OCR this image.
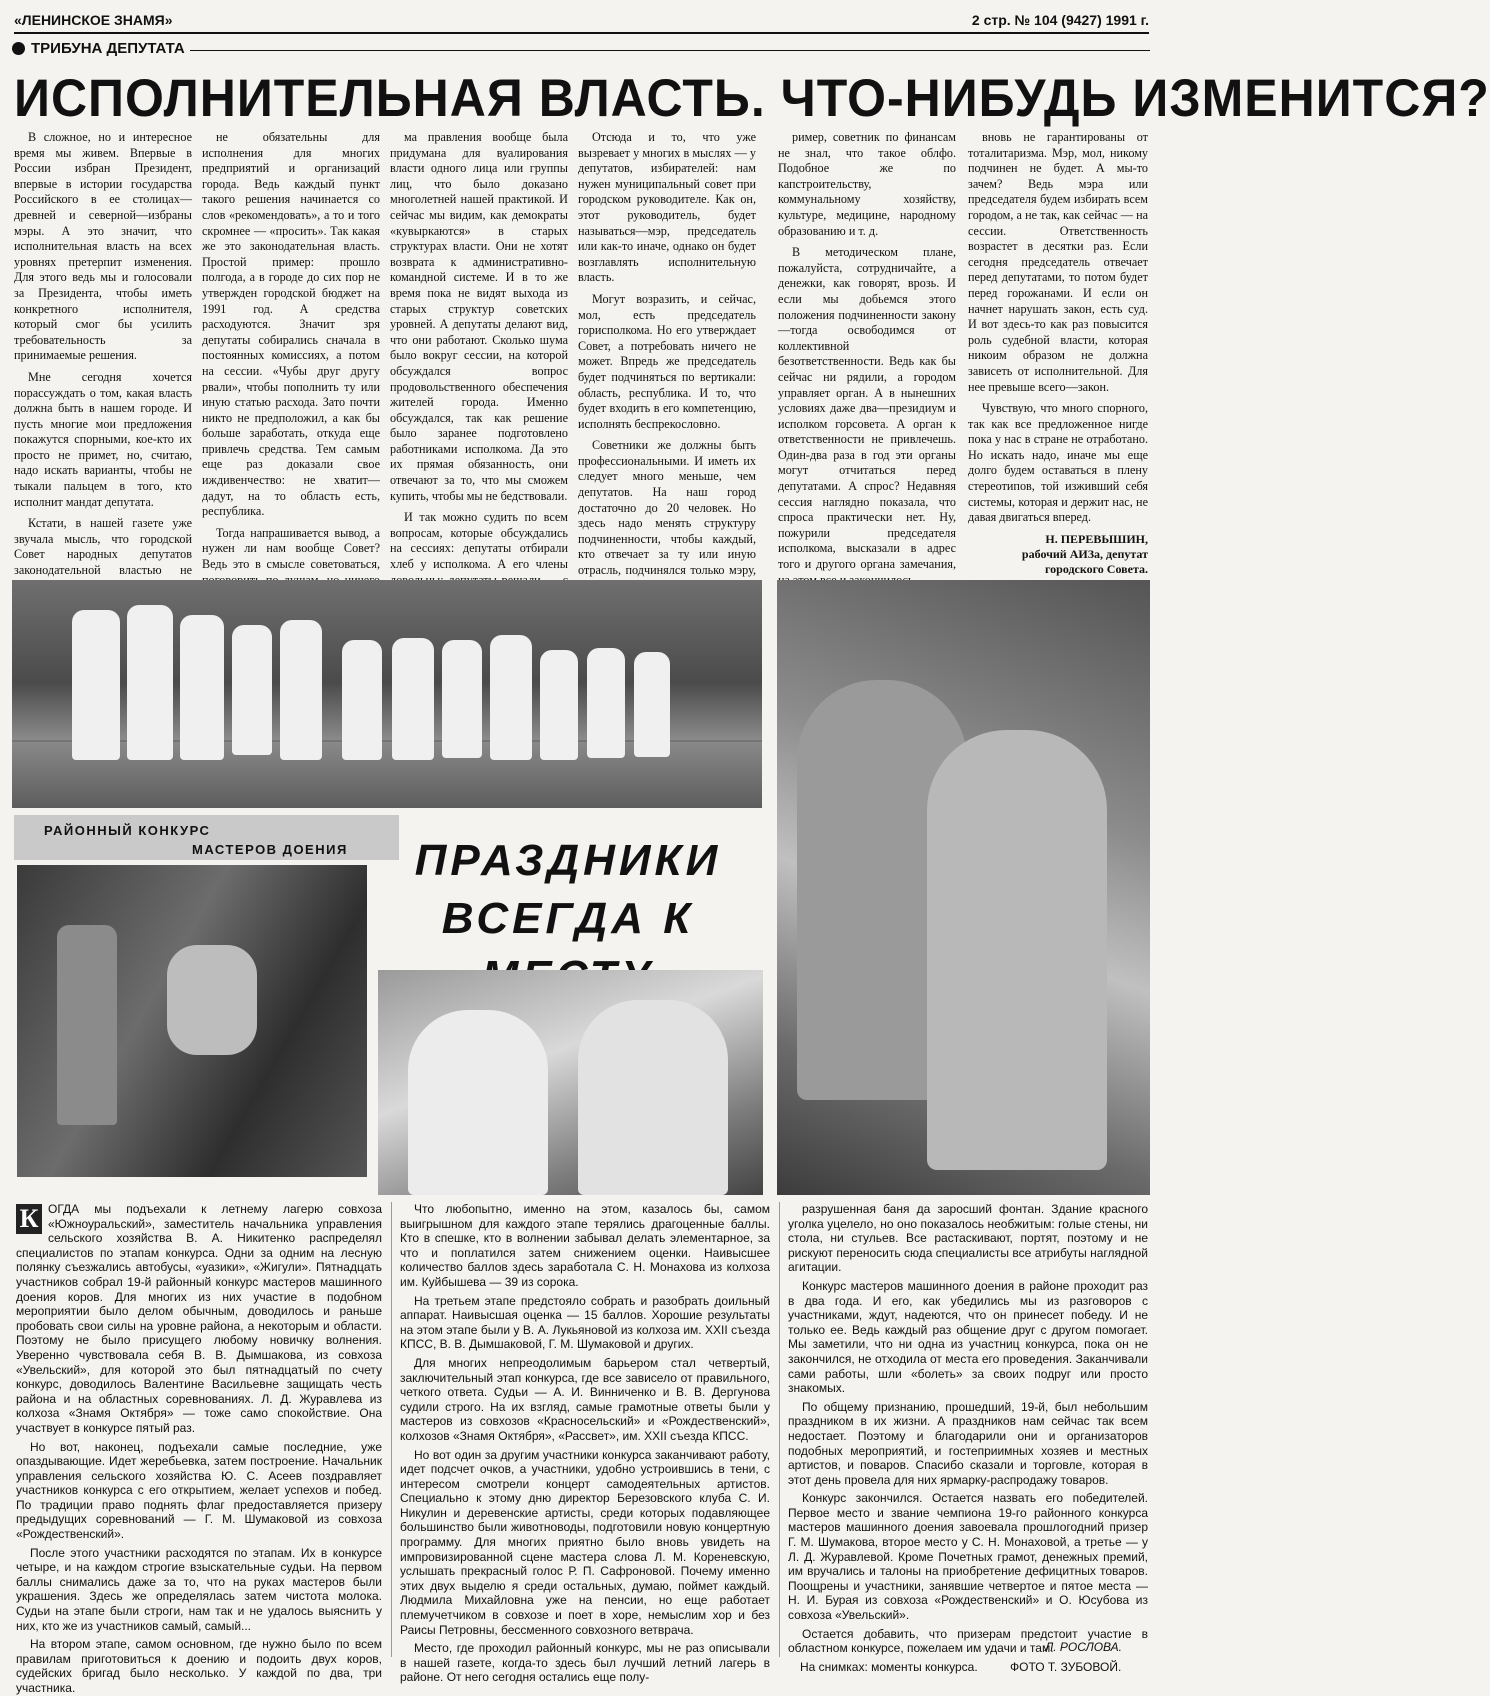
«ЛЕНИНСКОЕ ЗНАМЯ»	2 стр. № 104 (9427) 1991 г.
ТРИБУНА ДЕПУТАТА
ИСПОЛНИТЕЛЬНАЯ ВЛАСТЬ. ЧТО-НИБУДЬ ИЗМЕНИТСЯ?

В сложное, но и интересное время мы живем. Впервые в России избран Президент, впервые в истории государства Российского в ее столицах—древней и северной—избраны мэры. А это значит, что исполнительная власть на всех уровнях претерпит изменения. Для этого ведь мы и голосовали за Президента, чтобы иметь конкретного исполнителя, который смог бы усилить требовательность за принимаемые решения.

Мне сегодня хочется порассуждать о том, какая власть должна быть в нашем городе. И пусть многие мои предложения покажутся спорными, кое-кто их просто не примет, но, считаю, надо искать варианты, чтобы не тыкали пальцем в того, кто исполнит мандат депутата.

Кстати, в нашей газете уже звучала мысль, что городской Совет народных депутатов законодательной властью не

не обязательны для исполнения для многих предприятий и организаций города. Ведь каждый пункт такого решения начинается со слов «рекомендовать», а то и того скромнее — «просить». Так какая же это законодательная власть. Простой пример: прошло полгода, а в городе до сих пор не утвержден городской бюджет на 1991 год. А средства расходуются. Значит зря депутаты собирались сначала в постоянных комиссиях, а потом на сессии. «Чубы друг другу рвали», чтобы пополнить ту или иную статью расхода. Зато почти никто не предположил, а как бы больше заработать, откуда еще привлечь средства. Тем самым еще раз доказали свое иждивенчество: не хватит—дадут, на то область есть, республика.

Тогда напрашивается вывод, а нужен ли нам вообще Совет? Ведь это в смысле советоваться,

ма правления вообще была придумана для вуалирования власти одного лица или группы лиц, что было доказано многолетней нашей практикой. И сейчас мы видим, как демократы «кувыркаются» в старых структурах власти. Они не хотят возврата к административно-командной системе. И в то же время пока не видят выхода из старых структур советских уровней. А депутаты делают вид, что они работают. Сколько шума было вокруг сессии, на которой обсуждался вопрос продовольственного обеспечения жителей города. Именно обсуждался, так как решение было заранее подготовлено работниками исполкома. Да это их прямая обязанность, они отвечают за то, что мы сможем купить, чтобы мы не бедствовали.

И так можно судить по всем вопросам, которые обсуждались на сессиях: депутаты отбирали хлеб у исполкома. А его члены

Отсюда и то, что уже вызревает у многих в мыслях — у депутатов, избирателей: нам нужен муниципальный совет при городском руководителе. Как он, этот руководитель, будет называться—мэр, председатель или как-то иначе, однако он будет возглавлять исполнительную власть.

Могут возразить, и сейчас, мол, есть председатель горисполкома. Но его утверждает Совет, а потребовать ничего не может. Впредь же председатель будет подчиняться по вертикали: область, республика. И то, что будет входить в его компетенцию, исполнять беспрекословно.

Советники же должны быть профессиональными. И иметь их следует много меньше, чем депутатов. На наш город достаточно до 20 человек. Но здесь надо менять структуру подчиненности, чтобы каждый, кто отвечает за ту или иную отрасль, подчинялся только мэру,

ример, советник по финансам не знал, что такое облфо. Подобное же по капстроительству, коммунальному хозяйству, культуре, медицине, народному образованию и т. д.

В методическом плане, пожалуйста, сотрудничайте, а денежки, как говорят, врозь. И если мы добьемся этого положения подчиненности закону—тогда освободимся от коллективной безответственности. Ведь как бы сейчас ни рядили, а городом управляет орган. А в нынешних условиях даже два—президиум и исполком горсовета. А орган к ответственности не привлечешь. Один-два раза в год эти органы могут отчитаться перед депутатами. А спрос? Недавняя сессия наглядно показала, что спроса практически нет. Ну, пожурили председателя исполкома, высказали в адрес того и другого органа замечания,

вновь не гарантированы от тоталитаризма. Мэр, мол, никому подчинен не будет. А мы-то зачем? Ведь мэра или председателя будем избирать всем городом, а не так, как сейчас — на сессии. Ответственность возрастет в десятки раз. Если сегодня председатель отвечает перед депутатами, то потом будет перед горожанами. И если он начнет нарушать закон, есть суд. И вот здесь-то как раз повысится роль судебной власти, которая никоим образом не должна зависеть от исполнительной. Для нее превыше всего—закон.

Чувствую, что много спорного, так как все предложенное нигде пока у нас в стране не отработано. Но искать надо, иначе мы еще долго будем оставаться в плену стереотипов, той изживший себя системы, которая и держит нас, не давая двигаться вперед.

Н. ПЕРЕВЫШИН,
рабочий АИЗа, депутат городского Совета.
РАЙОННЫЙ КОНКУРС
МАСТЕРОВ ДОЕНИЯ	ПРАЗДНИКИ
ВСЕГДА К

К ОГДА мы подъехали к летнему лагерю совхоза «Южноуральский», заместитель начальника управления сельского хозяйства В. А. Никитенко распределял специалистов по этапам конкурса. Одни за одним на лесную полянку съезжались автобусы, «уазики», «Жигули». Пятнадцать участников собрал 19-й районный конкурс мастеров машинного доения коров. Для многих из них участие в подобном мероприятии было делом обычным, доводилось и раньше пробовать свои силы на уровне района, а некоторым и области. Поэтому не было присущего любому новичку волнения. Уверенно чувствовала себя В. В. Дымшакова, из совхоза «Увельский», для которой это был пятнадцатый по счету конкурс, доводилось Валентине Васильевне защищать честь района и на областных соревнованиях. Л. Д. Журавлева из колхоза «Знамя Октября» — тоже само спокойствие. Она участвует в конкурсе пятый раз.

Но вот, наконец, подъехали самые последние, уже опаздывающие. Идет жеребьевка, затем построение. Начальник управления сельского хозяйства Ю. С. Асеев поздравляет участников конкурса с его открытием, желает успехов и побед. По традиции право поднять флаг предоставляется призеру предыдущих соревнований — Г. М. Шумаковой из совхоза «Рождественский».

После этого участники расходятся по этапам. Их в конкурсе четыре, и на каждом строгие взыскательные судьи. На первом баллы снимались даже за то, что на руках мастеров были украшения. Здесь же определялась затем чистота молока. Судьи на этапе были строги, нам так и не удалось выяснить у них, кто же из участников самый, самый...

На втором этапе, самом основном, где нужно было по всем правилам приготовиться к доению и подоить двух коров, судейских бригад было несколько. У каждой по два, три участника.

Что любопытно, именно на этом, казалось бы, самом выигрышном для каждого этапе терялись драгоценные баллы. Кто в спешке, кто в волнении забывал делать элементарное, за что и поплатился затем снижением оценки. Наивысшее количество баллов здесь заработала С. Н. Монахова из колхоза им. Куйбышева — 39 из сорока.

На третьем этапе предстояло собрать и разобрать доильный аппарат. Наивысшая оценка — 15 баллов. Хорошие результаты на этом этапе были у В. А. Лукьяновой из колхоза им. XXII съезда КПСС, В. В. Дымшаковой, Г. М. Шумаковой и других.

Для многих непреодолимым барьером стал четвертый, заключительный этап конкурса, где все зависело от правильного, четкого ответа. Судьи — А. И. Винниченко и В. В. Дергунова судили строго. На их взгляд, самые грамотные ответы были у мастеров из совхозов «Красносельский» и «Рождественский», колхозов «Знамя Октября», «Рассвет», им. XXII съезда КПСС.

Но вот один за другим участники конкурса заканчивают работу, идет подсчет очков, а участники, удобно устроившись в тени, с интересом смотрели концерт самодеятельных артистов. Специально к этому дню директор Березовского клуба С. И. Никулин и деревенские артисты, среди которых подавляющее большинство были животноводы, подготовили новую концертную программу. Для многих приятно было вновь увидеть на импровизированной сцене мастера слова Л. М. Кореневскую, услышать прекрасный голос Р. П. Сафроновой. Почему именно этих двух выделю я среди остальных, думаю, поймет каждый. Людмила Михайловна уже на пенсии, но еще работает племучетчиком в совхозе и поет в хоре, немыслим хор и без Раисы Петровны, бессменного совхозного ветврача.

Место, где проходил районный конкурс, мы не раз описывали в нашей газете, когда-то здесь был лучший летний лагерь в районе. От него сегодня остались еще полу-

разрушенная баня да заросший фонтан. Здание красного уголка уцелело, но оно показалось необжитым: голые стены, ни стола, ни стульев. Все растаскивают, портят, поэтому и не рискуют переносить сюда специалисты все атрибуты наглядной агитации.

Конкурс мастеров машинного доения в районе проходит раз в два года. И его, как убедились мы из разговоров с участниками, ждут, надеются, что он принесет победу. И не только ее. Ведь каждый раз общение друг с другом помогает. Мы заметили, что ни одна из участниц конкурса, пока он не закончился, не отходила от места его проведения. Заканчивали сами работы, шли «болеть» за своих подруг или просто знакомых.

По общему признанию, прошедший, 19-й, был небольшим праздником в их жизни. А праздников нам сейчас так всем недостает. Поэтому и благодарили они и организаторов подобных мероприятий, и гостеприимных хозяев и местных артистов, и поваров. Спасибо сказали и торговле, которая в этот день провела для них ярмарку-распродажу товаров.

Конкурс закончился. Остается назвать его победителей. Первое место и звание чемпиона 19-го районного конкурса мастеров машинного доения завоевала прошлогодний призер Г. М. Шумакова, второе место у С. Н. Монаховой, а третье — у Л. Д. Журавлевой. Кроме Почетных грамот, денежных премий, им вручались и талоны на приобретение дефицитных товаров. Поощрены и участники, занявшие четвертое и пятое места — Н. И. Бурая из совхоза «Рождественский» и О. Юсубова из совхоза «Увельский».

Остается добавить, что призерам предстоит участие в областном конкурсе, пожелаем им удачи и там.

Л. РОСЛОВА.
На снимках: моменты конкурса.	ФОТО Т. ЗУБОВОЙ.
